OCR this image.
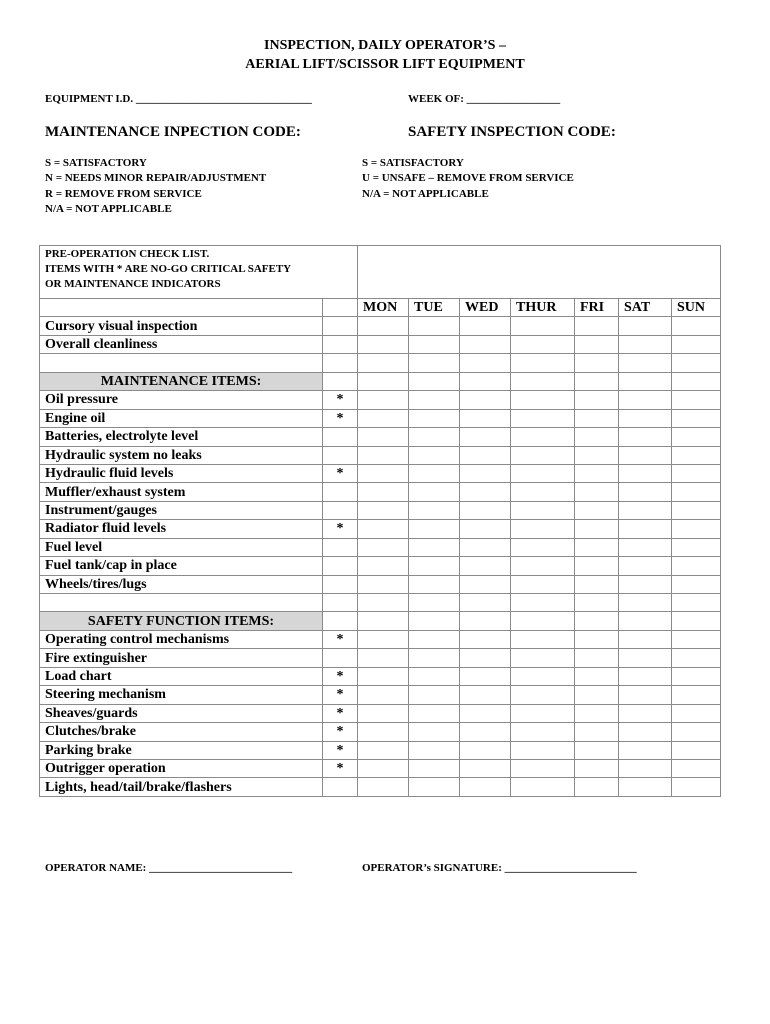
INSPECTION, DAILY OPERATOR’S –
AERIAL LIFT/SCISSOR LIFT EQUIPMENT
EQUIPMENT I.D. ________________________________	WEEK OF: _________________
MAINTENANCE INPECTION CODE:	SAFETY INSPECTION CODE:
S = SATISFACTORY
N = NEEDS MINOR REPAIR/ADJUSTMENT
R = REMOVE FROM SERVICE
N/A = NOT APPLICABLE
S = SATISFACTORY
U = UNSAFE – REMOVE FROM SERVICE
N/A = NOT APPLICABLE
PRE-OPERATION CHECK LIST.
ITEMS WITH * ARE NO-GO CRITICAL SAFETY
OR MAINTENANCE INDICATORS								

		MON	TUE	WED	THUR	FRI	SAT	SUN
Cursory visual inspection								
Overall cleanliness								

MAINTENANCE ITEMS:								
Oil pressure	*							
Engine oil	*							
Batteries, electrolyte level								
Hydraulic system no leaks								
Hydraulic fluid levels	*							
Muffler/exhaust system								
Instrument/gauges								
Radiator fluid levels	*							
Fuel level								
Fuel tank/cap in place								
Wheels/tires/lugs								

SAFETY FUNCTION ITEMS:								
Operating control mechanisms	*							
Fire extinguisher								
Load chart	*							
Steering mechanism	*							
Sheaves/guards	*							
Clutches/brake	*							
Parking brake	*							
Outrigger operation	*							
Lights, head/tail/brake/flashers								
OPERATOR NAME: __________________________	OPERATOR’s SIGNATURE: ________________________
